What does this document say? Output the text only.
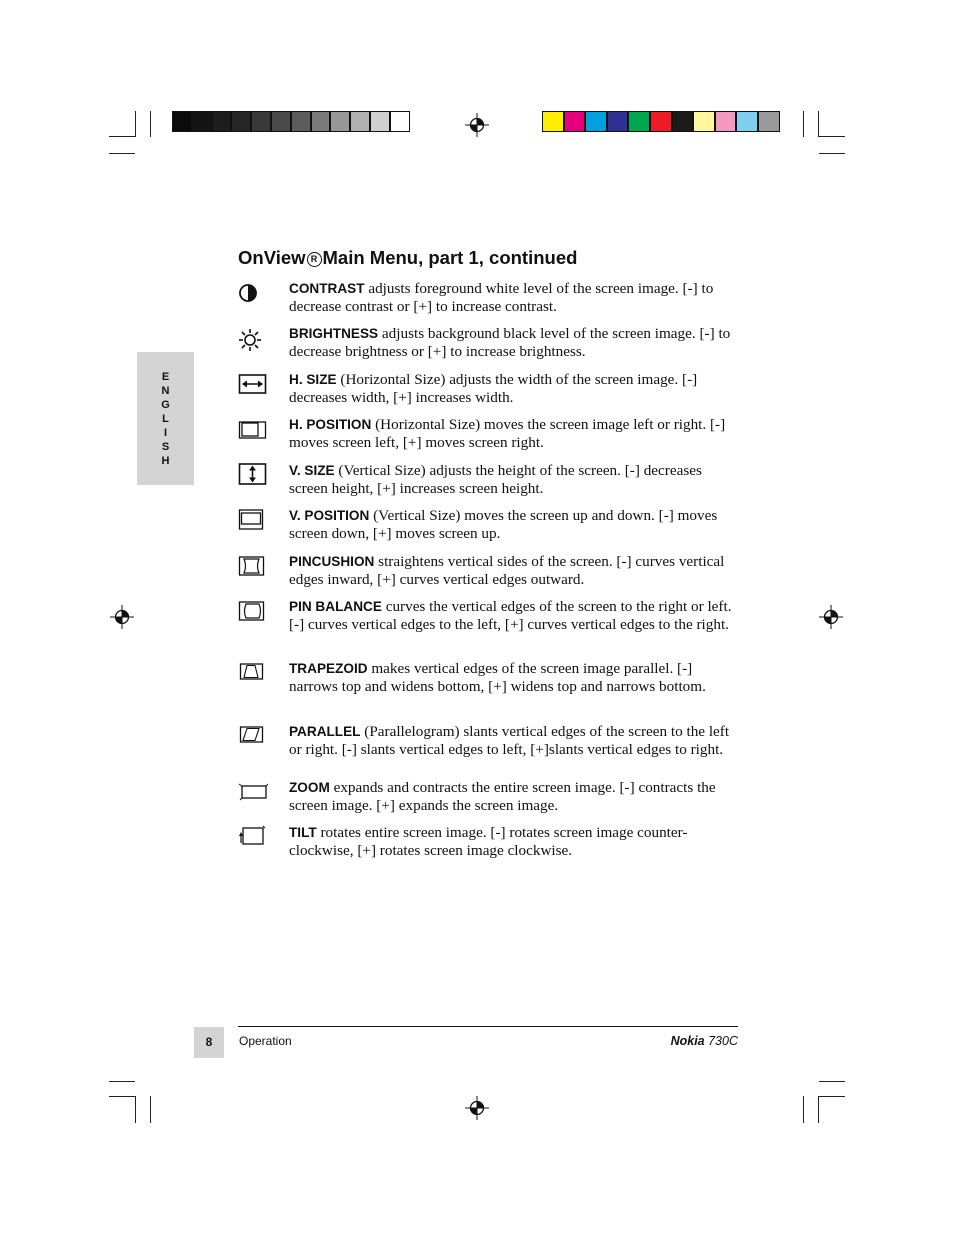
E
N
G
L
I
S
H
OnView R Main Menu, part 1, continued
CONTRAST adjusts foreground white level of the screen image. [-] to decrease contrast or [+] to increase contrast.
BRIGHTNESS adjusts background black level of the screen image. [-] to decrease brightness or [+] to increase brightness.
H. SIZE (Horizontal Size) adjusts the width of the screen image. [-] decreases width, [+] increases width.
H. POSITION (Horizontal Size) moves the screen image left or right. [-] moves screen left, [+] moves screen right.
V. SIZE (Vertical Size) adjusts the height of the screen. [-] decreases screen height, [+] increases screen height.
V. POSITION (Vertical Size) moves the screen up and down. [-] moves screen down, [+] moves screen up.
PINCUSHION straightens vertical sides of the screen. [-] curves vertical edges inward, [+] curves vertical edges outward.
PIN BALANCE curves the vertical edges of the screen to the right or left.[-] curves vertical edges to the left, [+] curves vertical edges to the right.
TRAPEZOID makes vertical edges of the screen image parallel. [-] narrows top and widens bottom, [+] widens top and narrows bottom.
PARALLEL (Parallelogram) slants vertical edges of the screen to the left or right. [-] slants vertical edges to left, [+]slants vertical edges to right.
ZOOM expands and contracts the entire screen image. [-] contracts the screen image. [+] expands the screen image.
TILT rotates entire screen image. [-] rotates screen image counter-clockwise, [+] rotates screen image clockwise.
8	Operation	Nokia 730C
